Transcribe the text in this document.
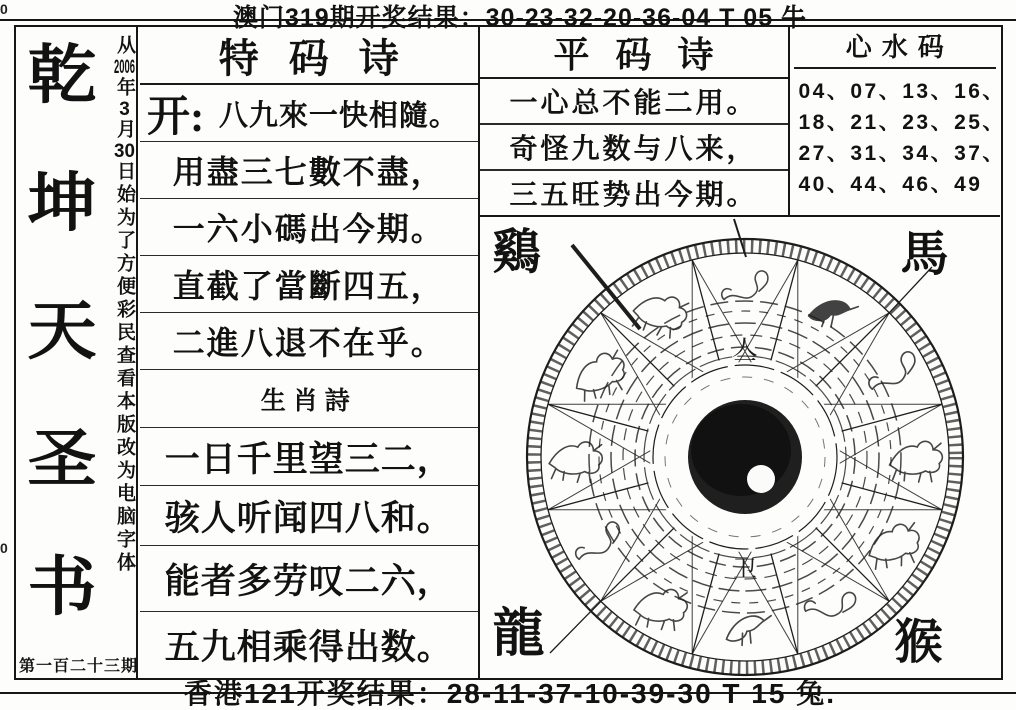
澳门319期开奖结果：30-23-32-20-36-04 T 05 牛
香港121开奖结果：28-11-37-10-39-30 T 15 兔.
0
0
乾
坤
天
圣
书
从2006年3月30日始为了方便彩民查看本版改为电脑字体
第一百二十三期
特码诗
开: 八九來一快相隨。
用盡三七數不盡，
一六小碼出今期。
直截了當斷四五，
二進八退不在乎。
生肖詩
一日千里望三二，
骇人听闻四八和。
能者多劳叹二六，
五九相乘得出数。
平码诗
一心总不能二用。
奇怪九数与八来，
三五旺势出今期。
心水码
04、07、13、16、
18、21、23、25、
27、31、34、37、
40、44、46、49
亼
卫
鷄	馬
龍	猴
